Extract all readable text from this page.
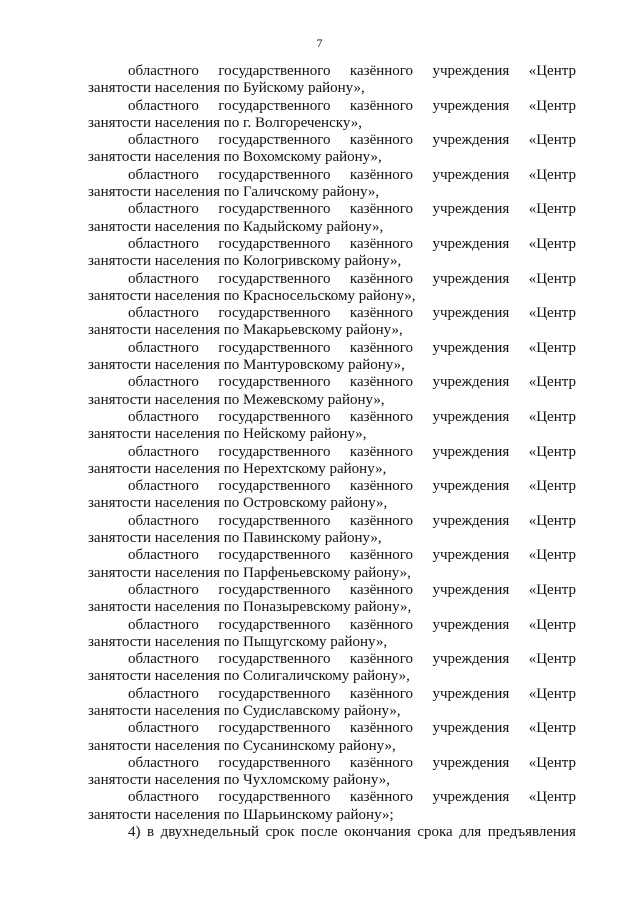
7
областного государственного казённого учреждения «Центр
занятости населения по Буйскому району»,
областного государственного казённого учреждения «Центр
занятости населения по г. Волгореченску»,
областного государственного казённого учреждения «Центр
занятости населения по Вохомскому району»,
областного государственного казённого учреждения «Центр
занятости населения по Галичскому району»,
областного государственного казённого учреждения «Центр
занятости населения по Кадыйскому району»,
областного государственного казённого учреждения «Центр
занятости населения по Кологривскому району»,
областного государственного казённого учреждения «Центр
занятости населения по Красносельскому району»,
областного государственного казённого учреждения «Центр
занятости населения по Макарьевскому району»,
областного государственного казённого учреждения «Центр
занятости населения по Мантуровскому району»,
областного государственного казённого учреждения «Центр
занятости населения по Межевскому району»,
областного государственного казённого учреждения «Центр
занятости населения по Нейскому району»,
областного государственного казённого учреждения «Центр
занятости населения по Нерехтскому району»,
областного государственного казённого учреждения «Центр
занятости населения по Островскому району»,
областного государственного казённого учреждения «Центр
занятости населения по Павинскому району»,
областного государственного казённого учреждения «Центр
занятости населения по Парфеньевскому району»,
областного государственного казённого учреждения «Центр
занятости населения по Поназыревскому району»,
областного государственного казённого учреждения «Центр
занятости населения по Пыщугскому району»,
областного государственного казённого учреждения «Центр
занятости населения по Солигаличскому району»,
областного государственного казённого учреждения «Центр
занятости населения по Судиславскому району»,
областного государственного казённого учреждения «Центр
занятости населения по Сусанинскому району»,
областного государственного казённого учреждения «Центр
занятости населения по Чухломскому району»,
областного государственного казённого учреждения «Центр
занятости населения по Шарьинскому району»;
4) в двухнедельный срок после окончания срока для предъявления
